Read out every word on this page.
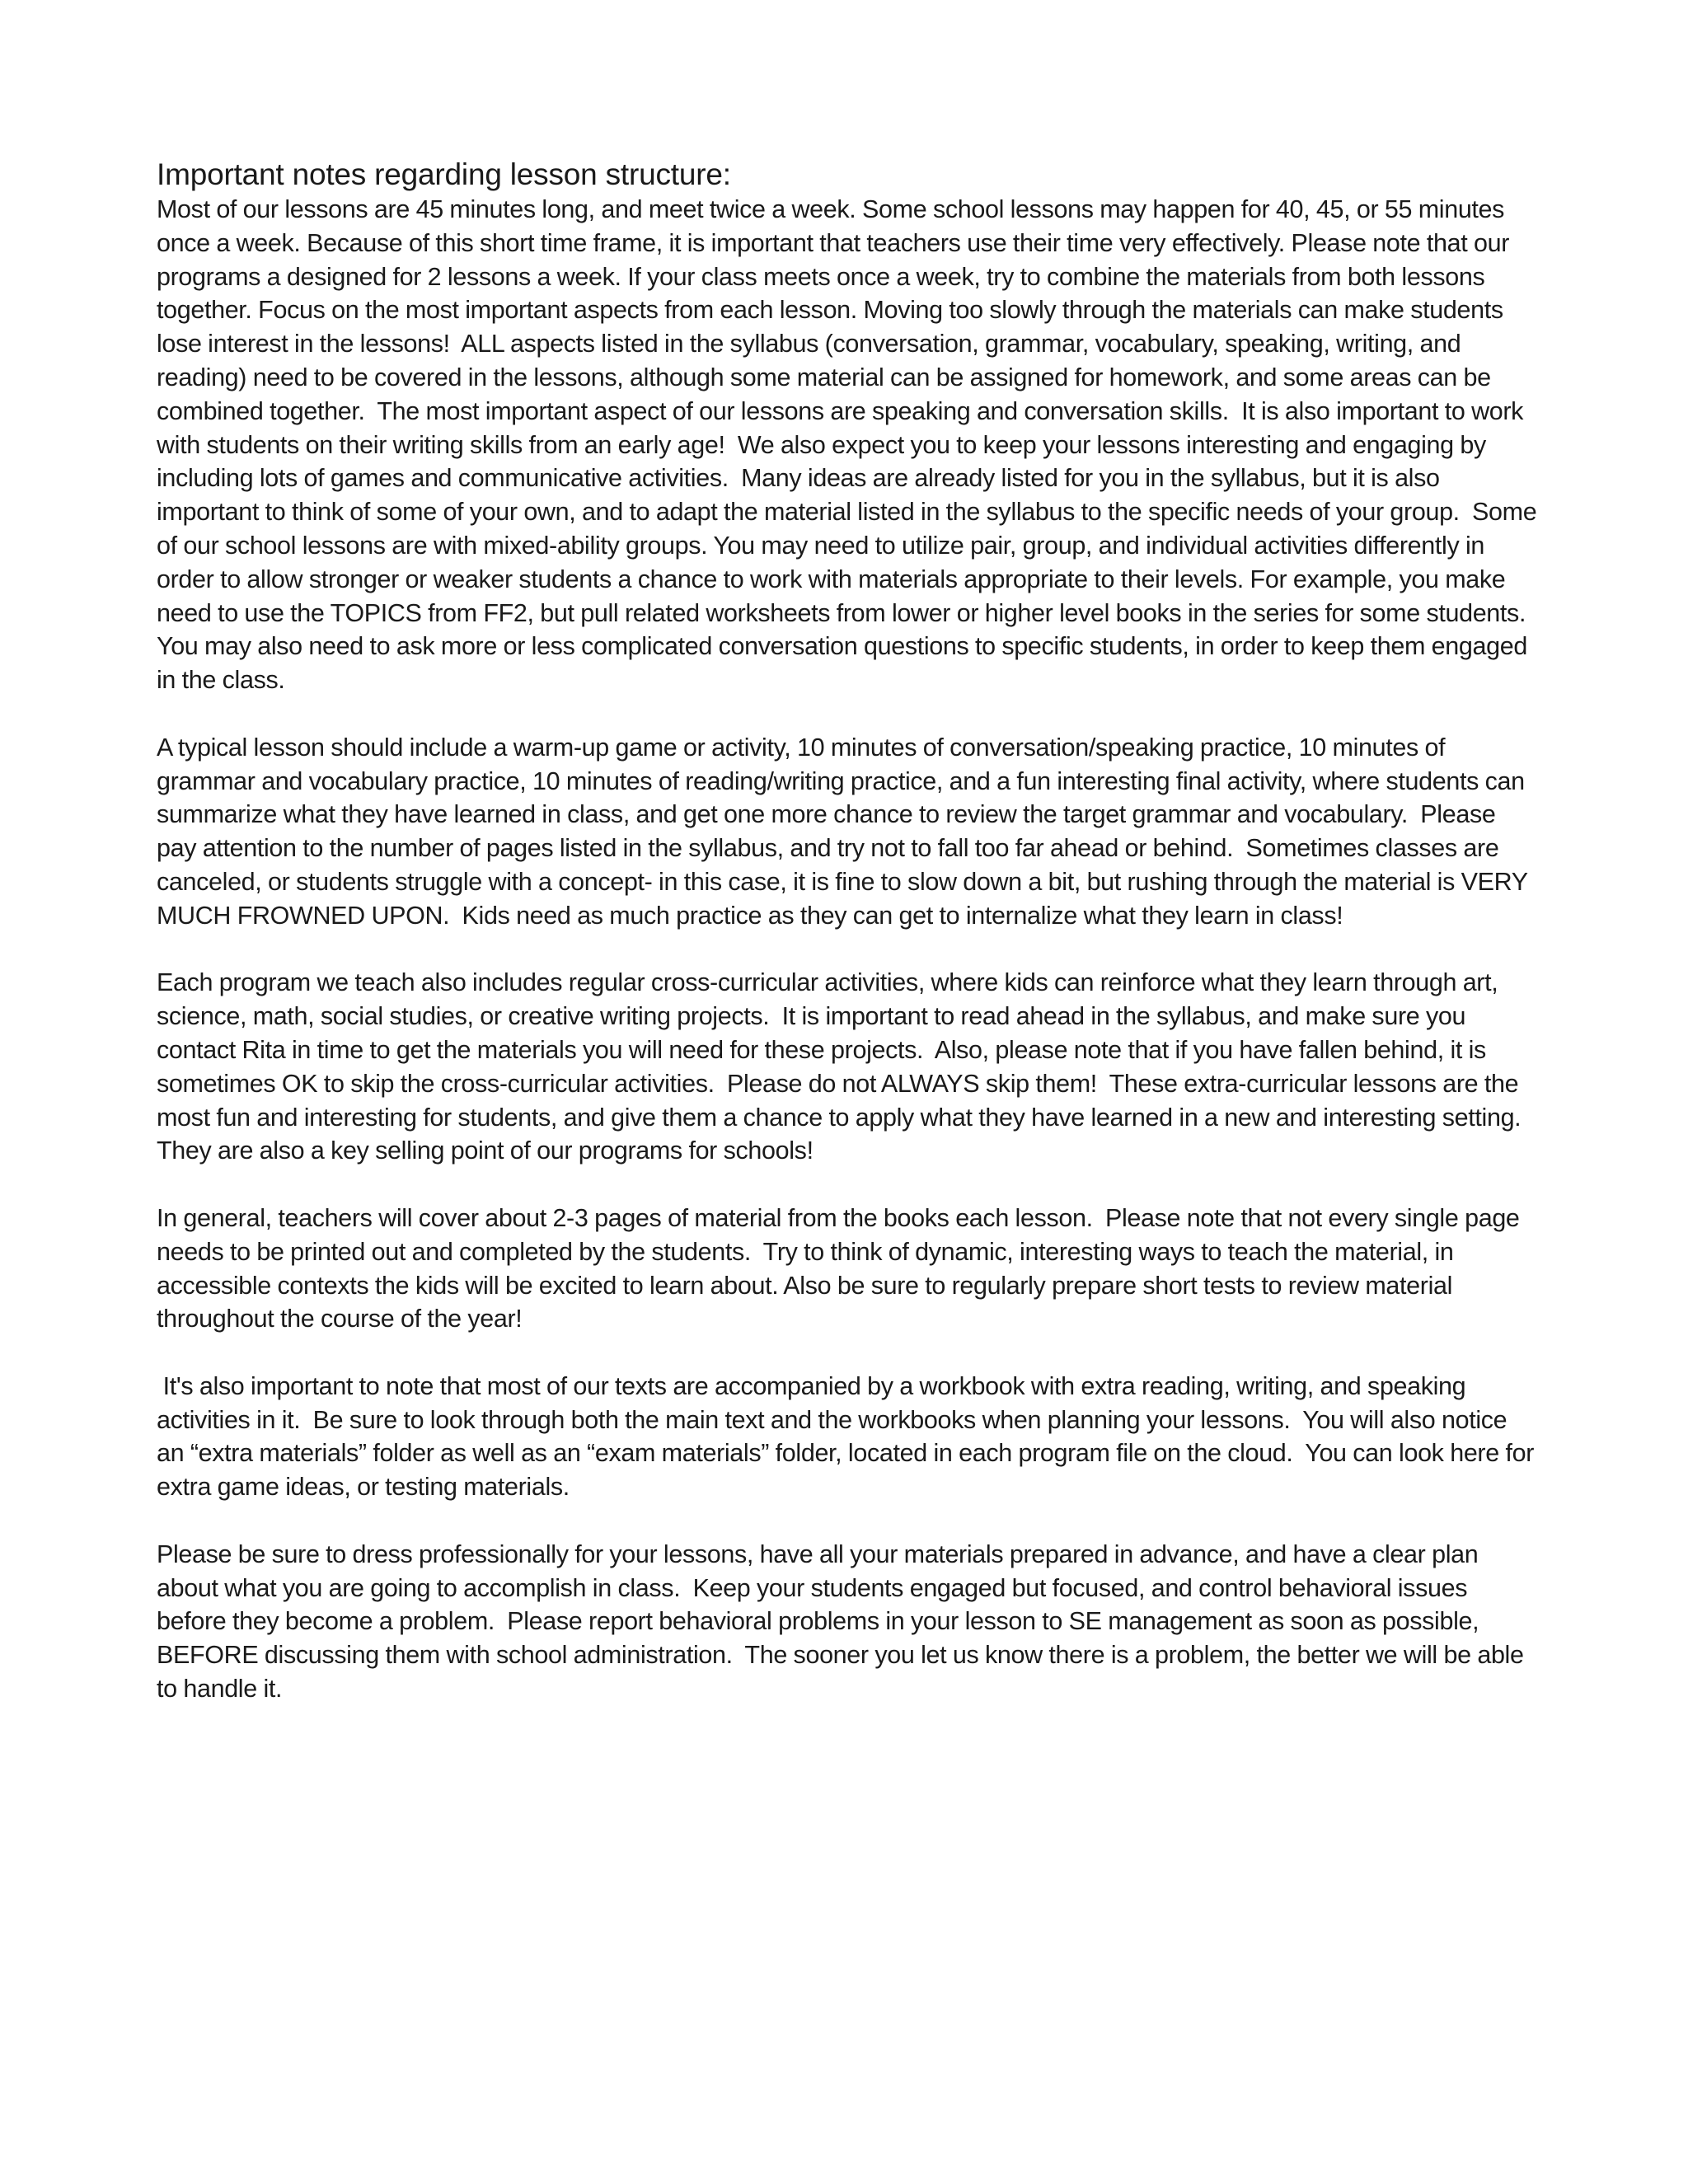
Important notes regarding lesson structure:

Most of our lessons are 45 minutes long, and meet twice a week. Some school lessons may happen for 40, 45, or 55 minutes once a week. Because of this short time frame, it is important that teachers use their time very effectively. Please note that our programs a designed for 2 lessons a week. If your class meets once a week, try to combine the materials from both lessons together. Focus on the most important aspects from each lesson. Moving too slowly through the materials can make students lose interest in the lessons!  ALL aspects listed in the syllabus (conversation, grammar, vocabulary, speaking, writing, and reading) need to be covered in the lessons, although some material can be assigned for homework, and some areas can be combined together.  The most important aspect of our lessons are speaking and conversation skills.  It is also important to work with students on their writing skills from an early age!  We also expect you to keep your lessons interesting and engaging by including lots of games and communicative activities.  Many ideas are already listed for you in the syllabus, but it is also important to think of some of your own, and to adapt the material listed in the syllabus to the specific needs of your group.  Some of our school lessons are with mixed-ability groups. You may need to utilize pair, group, and individual activities differently in order to allow stronger or weaker students a chance to work with materials appropriate to their levels. For example, you make need to use the TOPICS from FF2, but pull related worksheets from lower or higher level books in the series for some students. You may also need to ask more or less complicated conversation questions to specific students, in order to keep them engaged in the class.

A typical lesson should include a warm-up game or activity, 10 minutes of conversation/speaking practice, 10 minutes of grammar and vocabulary practice, 10 minutes of reading/writing practice, and a fun interesting final activity, where students can summarize what they have learned in class, and get one more chance to review the target grammar and vocabulary.  Please pay attention to the number of pages listed in the syllabus, and try not to fall too far ahead or behind.  Sometimes classes are canceled, or students struggle with a concept- in this case, it is fine to slow down a bit, but rushing through the material is VERY MUCH FROWNED UPON.  Kids need as much practice as they can get to internalize what they learn in class!

Each program we teach also includes regular cross-curricular activities, where kids can reinforce what they learn through art, science, math, social studies, or creative writing projects.  It is important to read ahead in the syllabus, and make sure you contact Rita in time to get the materials you will need for these projects.  Also, please note that if you have fallen behind, it is sometimes OK to skip the cross-curricular activities.  Please do not ALWAYS skip them!  These extra-curricular lessons are the most fun and interesting for students, and give them a chance to apply what they have learned in a new and interesting setting.  They are also a key selling point of our programs for schools!

In general, teachers will cover about 2-3 pages of material from the books each lesson.  Please note that not every single page needs to be printed out and completed by the students.  Try to think of dynamic, interesting ways to teach the material, in accessible contexts the kids will be excited to learn about. Also be sure to regularly prepare short tests to review material throughout the course of the year!

It's also important to note that most of our texts are accompanied by a workbook with extra reading, writing, and speaking activities in it.  Be sure to look through both the main text and the workbooks when planning your lessons.  You will also notice an “extra materials” folder as well as an “exam materials” folder, located in each program file on the cloud.  You can look here for extra game ideas, or testing materials.

Please be sure to dress professionally for your lessons, have all your materials prepared in advance, and have a clear plan about what you are going to accomplish in class.  Keep your students engaged but focused, and control behavioral issues before they become a problem.  Please report behavioral problems in your lesson to SE management as soon as possible, BEFORE discussing them with school administration.  The sooner you let us know there is a problem, the better we will be able to handle it.
